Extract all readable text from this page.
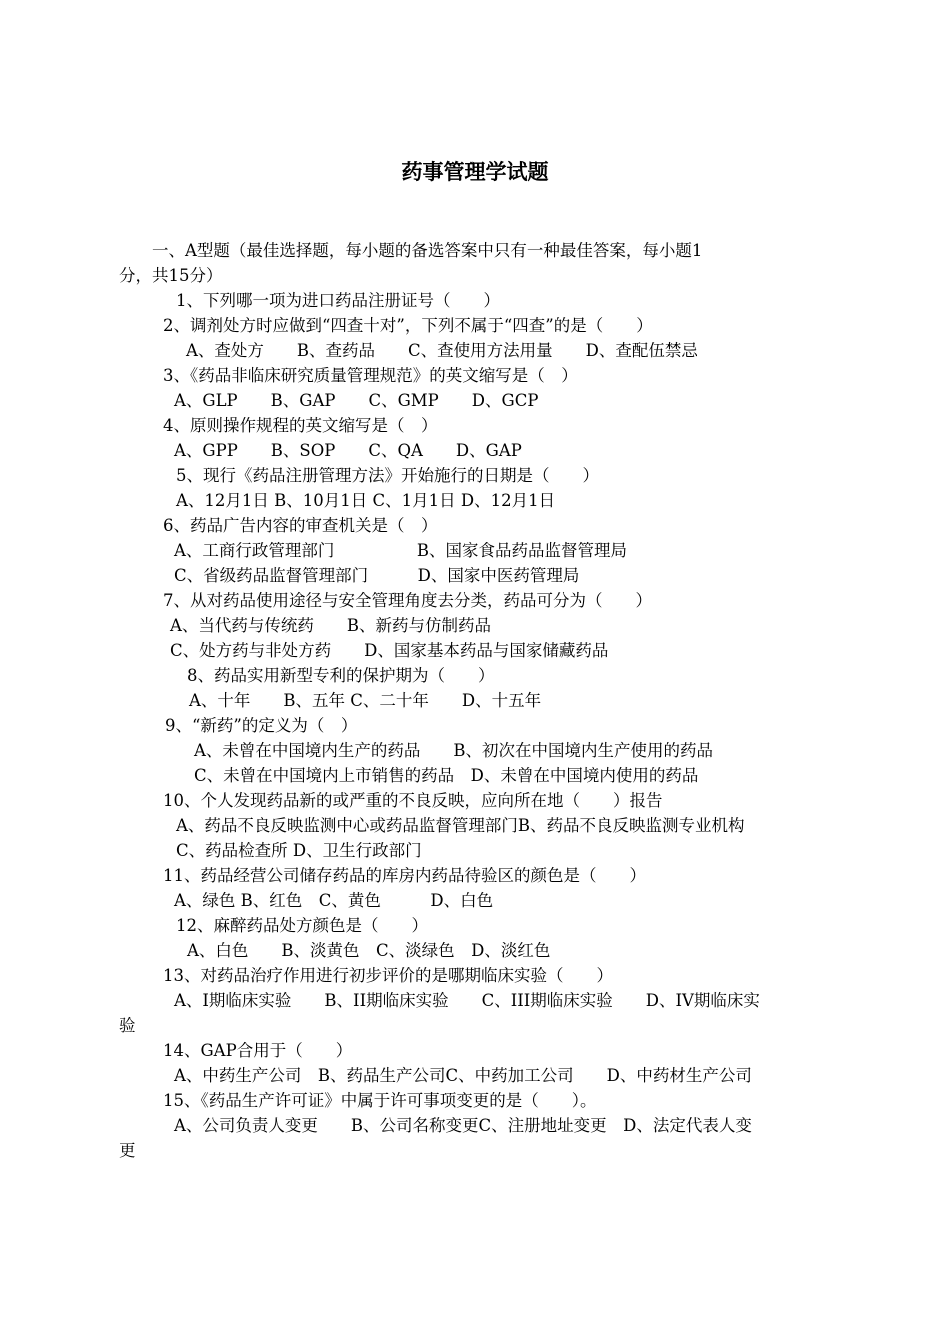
药事管理学试题
一、A型题（最佳选择题，每小题的备选答案中只有一种最佳答案，每小题1
分，共15分）
1、下列哪一项为进口药品注册证号（　　）
2、调剂处方时应做到“四查十对”，下列不属于“四查”的是（　　）
A、查处方　　B、查药品　　C、查使用方法用量　　D、查配伍禁忌
3、《药品非临床研究质量管理规范》的英文缩写是（　）
A、GLP　　B、GAP　　C、GMP　　D、GCP
4、原则操作规程的英文缩写是（　）
A、GPP　　B、SOP　　C、QA　　D、GAP
5、现行《药品注册管理方法》开始施行的日期是（　　）
A、12月1日 B、10月1日 C、1月1日 D、12月1日
6、药品广告内容的审查机关是（　）
A、工商行政管理部门　　　　　B、国家食品药品监督管理局
C、省级药品监督管理部门　　　D、国家中医药管理局
7、从对药品使用途径与安全管理角度去分类，药品可分为（　　）
A、当代药与传统药　　B、新药与仿制药品
C、处方药与非处方药　　D、国家基本药品与国家储藏药品
8、药品实用新型专利的保护期为（　　）
A、十年　　B、五年 C、二十年　　D、十五年
9、“新药”的定义为（　）
A、未曾在中国境内生产的药品　　B、初次在中国境内生产使用的药品
C、未曾在中国境内上市销售的药品　D、未曾在中国境内使用的药品
10、个人发现药品新的或严重的不良反映，应向所在地（　　）报告
A、药品不良反映监测中心或药品监督管理部门B、药品不良反映监测专业机构
C、药品检查所 D、卫生行政部门
11、药品经营公司储存药品的库房内药品待验区的颜色是（　　）
A、绿色 B、红色　C、黄色　　　D、白色
12、麻醉药品处方颜色是（　　）
A、白色　　B、淡黄色　C、淡绿色　D、淡红色
13、对药品治疗作用进行初步评价的是哪期临床实验（　　）
A、I期临床实验　　B、II期临床实验　　C、III期临床实验　　D、IV期临床实
验
14、GAP合用于（　　）
A、中药生产公司　B、药品生产公司C、中药加工公司　　D、中药材生产公司
15、《药品生产许可证》中属于许可事项变更的是（　　）。
A、公司负责人变更　　B、公司名称变更C、注册地址变更　D、法定代表人变
更
